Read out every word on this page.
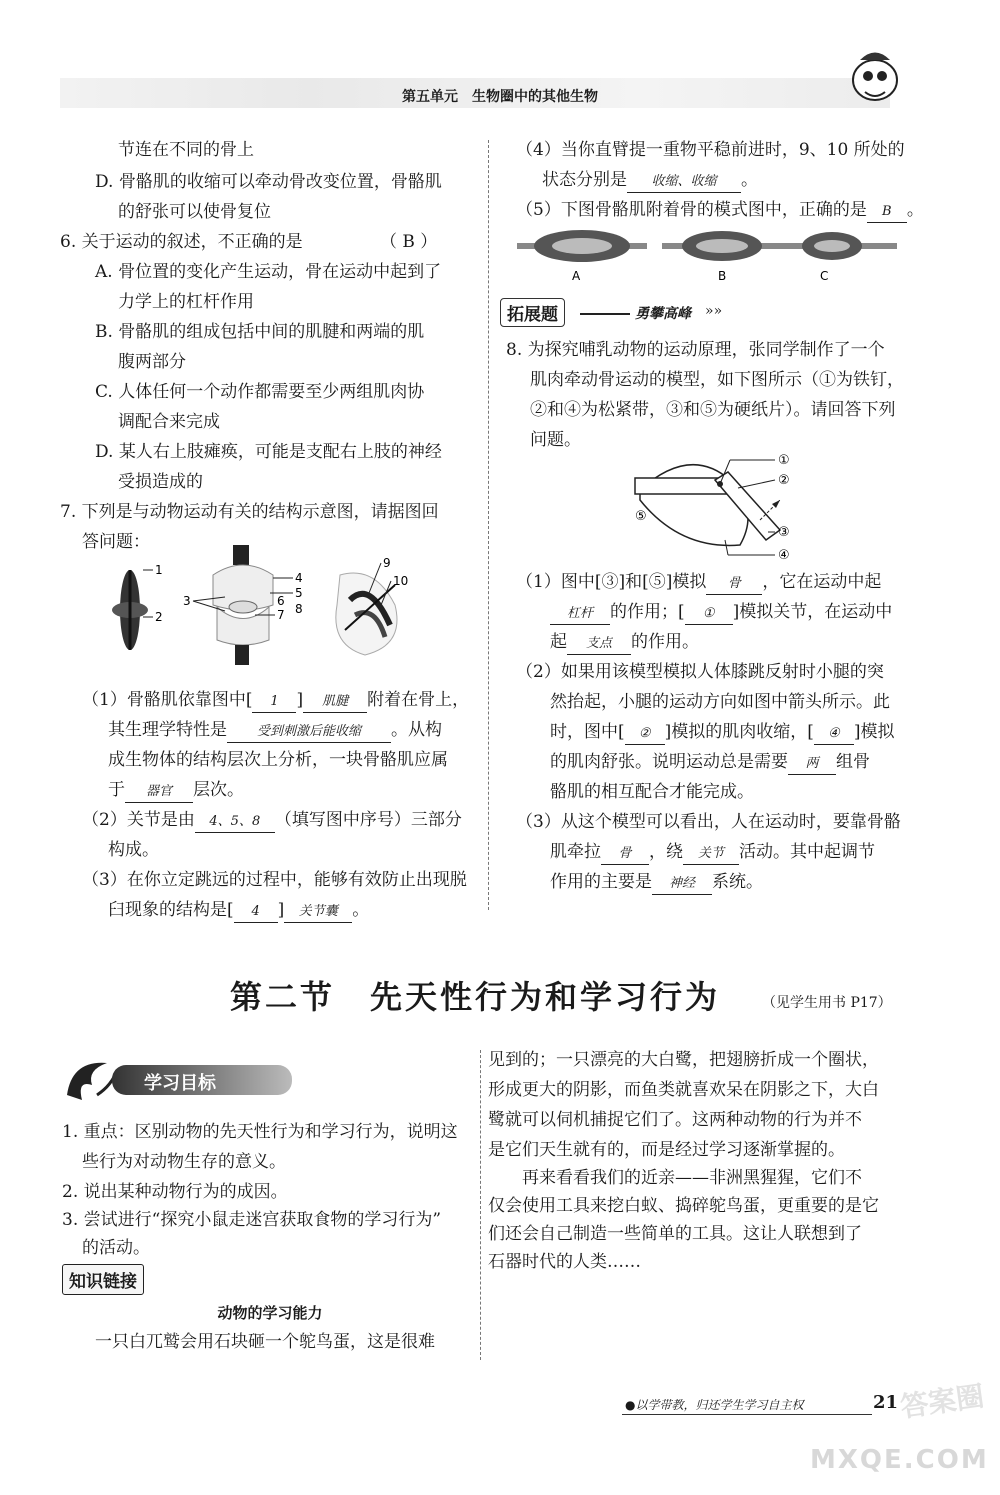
第五单元　生物圈中的其他生物
节连在不同的骨上
D. 骨骼肌的收缩可以牵动骨改变位置，骨骼肌
的舒张可以使骨复位
6. 关于运动的叙述，不正确的是	（ B ）
A. 骨位置的变化产生运动，骨在运动中起到了
力学上的杠杆作用
B. 骨骼肌的组成包括中间的肌腱和两端的肌
腹两部分
C. 人体任何一个动作都需要至少两组肌肉协
调配合来完成
D. 某人右上肢瘫痪，可能是支配右上肢的神经
受损造成的
7. 下列是与动物运动有关的结构示意图，请据图回
答问题：
1
2
3
4
5
6
7 8
9
10
（1）骨骼肌依靠图中[ 1 ] 肌腱 附着在骨上，
其生理学特性是 受到刺激后能收缩 。从构
成生物体的结构层次上分析，一块骨骼肌应属
于 器官 层次。
（2）关节是由 4、5、8 （填写图中序号）三部分
构成。
（3）在你立定跳远的过程中，能够有效防止出现脱
臼现象的结构是[ 4 ] 关节囊 。
（4）当你直臂提一重物平稳前进时，9、10 所处的
状态分别是 收缩、收缩 。
（5）下图骨骼肌附着骨的模式图中，正确的是 B 。
A	B	C
拓展题	勇攀高峰 »»
8. 为探究哺乳动物的运动原理，张同学制作了一个
肌肉牵动骨运动的模型，如下图所示（①为铁钉，
②和④为松紧带，③和⑤为硬纸片）。请回答下列
问题。
①
②
③
④
⑤
（1）图中[③]和[⑤]模拟 骨 ，它在运动中起
杠杆 的作用；[ ① ]模拟关节，在运动中
起 支点 的作用。
（2）如果用该模型模拟人体膝跳反射时小腿的突
然抬起，小腿的运动方向如图中箭头所示。此
时，图中[ ② ]模拟的肌肉收缩，[ ④ ]模拟
的肌肉舒张。说明运动总是需要 两 组骨
骼肌的相互配合才能完成。
（3）从这个模型可以看出，人在运动时，要靠骨骼
肌牵拉 骨 ，绕 关节 活动。其中起调节
作用的主要是 神经 系统。
第二节　先天性行为和学习行为	（见学生用书 P17）
学习目标
1. 重点：区别动物的先天性行为和学习行为，说明这
些行为对动物生存的意义。
2. 说出某种动物行为的成因。
3. 尝试进行“探究小鼠走迷宫获取食物的学习行为”
的活动。
知识链接
动物的学习能力
一只白兀鹫会用石块砸一个鸵鸟蛋，这是很难
见到的；一只漂亮的大白鹭，把翅膀折成一个圈状，
形成更大的阴影，而鱼类就喜欢呆在阴影之下，大白
鹭就可以伺机捕捉它们了。这两种动物的行为并不
是它们天生就有的，而是经过学习逐渐掌握的。
再来看看我们的近亲——非洲黑猩猩，它们不
仅会使用工具来挖白蚁、捣碎鸵鸟蛋，更重要的是它
们还会自己制造一些简单的工具。这让人联想到了
石器时代的人类……
●以学带教，归还学生学习自主权	21 答案圈
MXQE.COM
